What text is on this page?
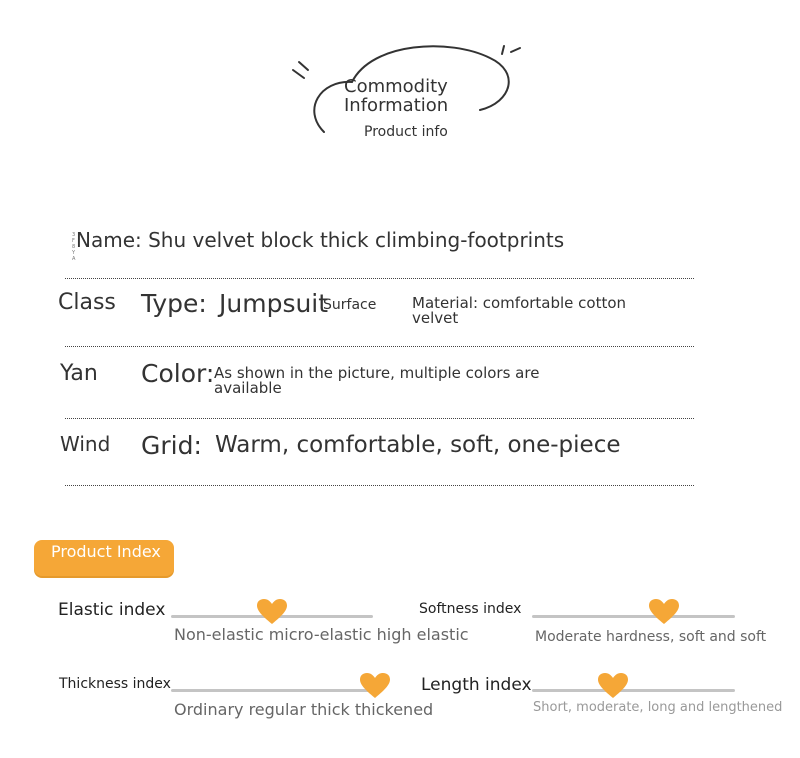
Commodity
Information
Product info
3F8YA
Name: Shu velvet block thick climbing-footprints
Class Type: Jumpsuit
Surface Material: comfortable cotton velvet
Yan Color: As shown in the picture, multiple colors are available
Wind Grid: Warm, comfortable, soft, one-piece
Product Index
Elastic index
Non-elastic micro-elastic high elastic
Softness index
Moderate hardness, soft and soft
Thickness index
Ordinary regular thick thickened
Length index
Short, moderate, long and lengthened
